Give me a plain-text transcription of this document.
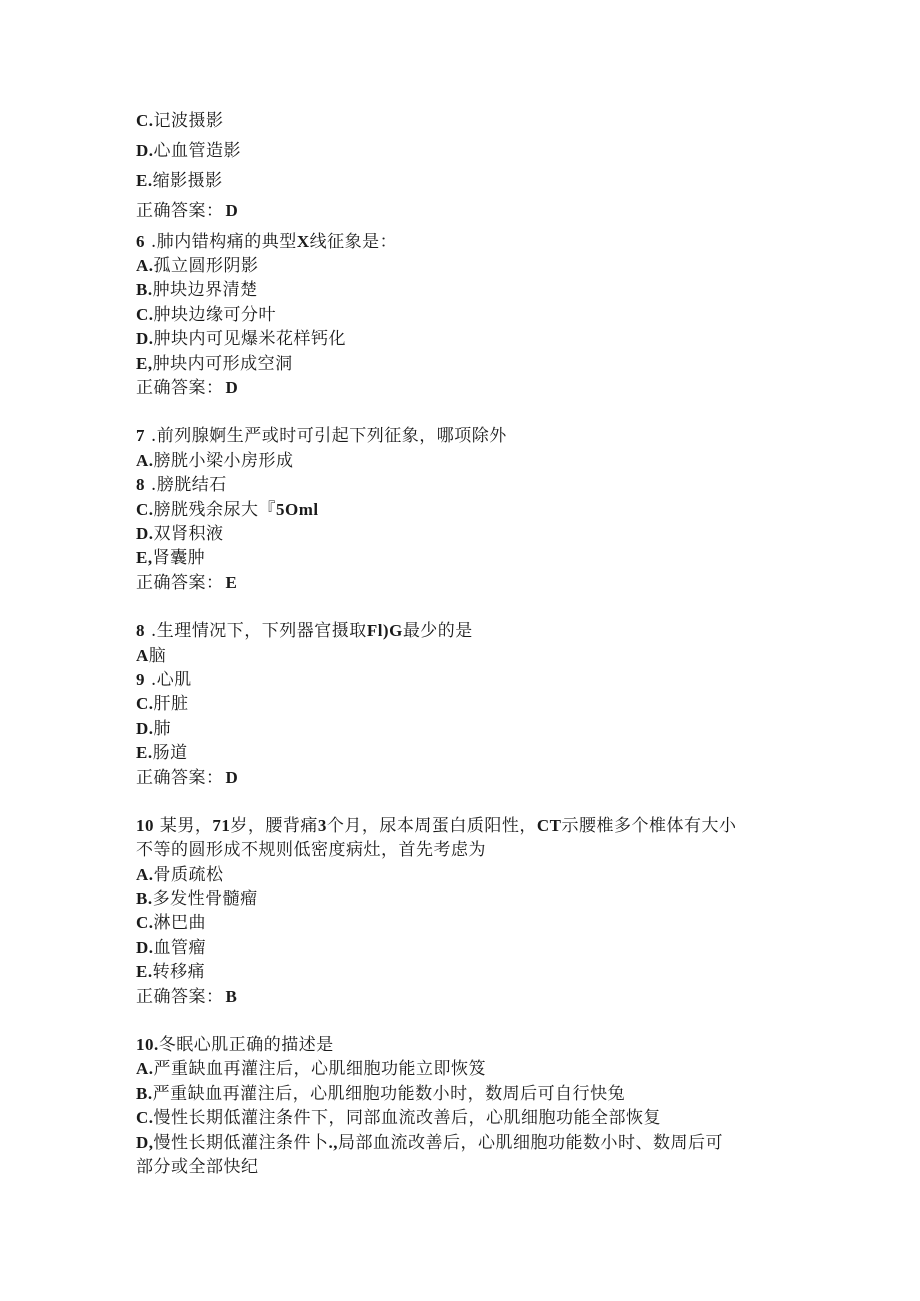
C.记波摄影
D.心血管造影
E.缩影摄影
正确答案： D
6 .肺内错构痛的典型X线征象是：
A.孤立圆形阴影
B.肿块边界清楚
C.肿块边缘可分叶
D.肿块内可见爆米花样钙化
E,肿块内可形成空洞
正确答案： D
7 .前列腺婀生严或时可引起下列征象，哪项除外
A.膀胱小梁小房形成
8 .膀胱结石
C.膀胱残余尿大『5Oml
D.双肾积液
E,肾囊肿
正确答案： E
8 .生理情况下，下列器官摄取Fl)G最少的是
A脑
9 .心肌
C.肝脏
D.肺
E.肠道
正确答案： D
10 某男，71岁，腰背痛3个月，尿本周蛋白质阳性，CT示腰椎多个椎体有大小
不等的圆形成不规则低密度病灶，首先考虑为
A.骨质疏松
B.多发性骨髓瘤
C.淋巴曲
D.血管瘤
E.转移痛
正确答案： B
10.冬眠心肌正确的描述是
A.严重缺血再灌注后，心肌细胞功能立即恢笈
B.严重缺血再灌注后，心肌细胞功能数小时，数周后可自行快兔
C.慢性长期低灌注条件下，同部血流改善后，心肌细胞功能全部恢复
D,慢性长期低灌注条件卜.,局部血流改善后，心肌细胞功能数小时、数周后可
部分或全部快纪
